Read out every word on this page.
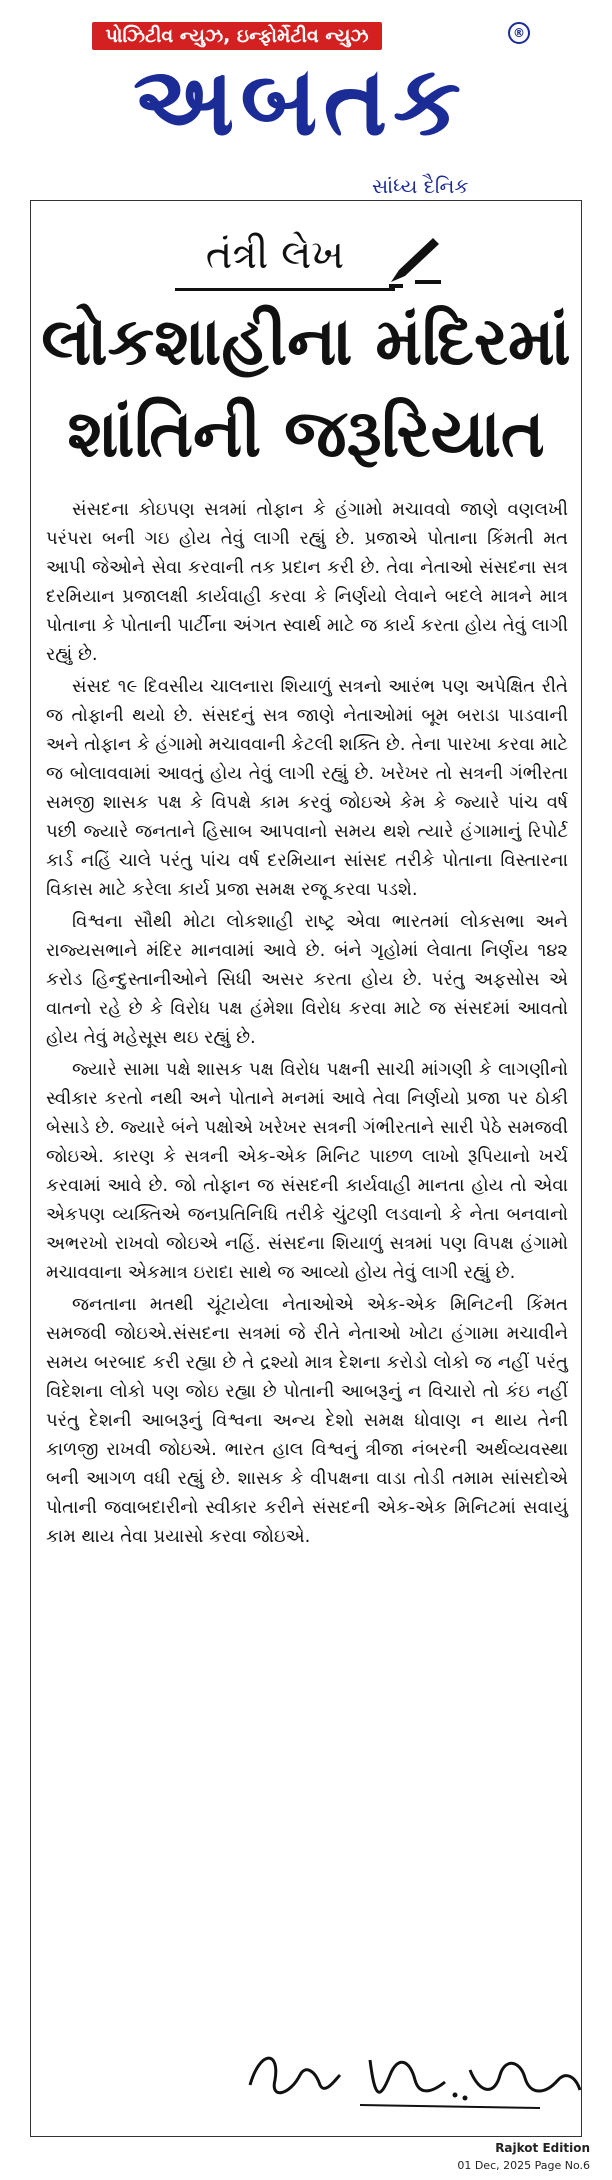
પોઝિટીવ ન્યુઝ, ઇન્ફોર્મેટીવ ન્યુઝ
અબતક
®
સાંધ્ય દૈનિક
તંત્રી લેખ
લોકશાહીના મંદિરમાં
શાંતિની જરૂરિયાત

સંસદના કોઇપણ સત્રમાં તોફાન કે હંગામો મચાવવો જાણે વણલખી પરંપરા બની ગઇ હોય તેવું લાગી રહ્યું છે. પ્રજાએ પોતાના કિંમતી મત આપી જેઓને સેવા કરવાની તક પ્રદાન કરી છે. તેવા નેતાઓ સંસદના સત્ર દરમિયાન પ્રજાલક્ષી કાર્યવાહી કરવા કે નિર્ણયો લેવાને બદલે માત્રને માત્ર પોતાના કે પોતાની પાર્ટીના અંગત સ્વાર્થ માટે જ કાર્ય કરતા હોય તેવું લાગી રહ્યું છે.

સંસદ ૧૯ દિવસીય ચાલનારા શિયાળું સત્રનો આરંભ પણ અપેક્ષિત રીતે જ તોફાની થયો છે. સંસદનું સત્ર જાણે નેતાઓમાં બૂમ બરાડા પાડવાની અને તોફાન કે હંગામો મચાવવાની કેટલી શક્તિ છે. તેના પારખા કરવા માટે જ બોલાવવામાં આવતું હોય તેવું લાગી રહ્યું છે. ખરેખર તો સત્રની ગંભીરતા સમજી શાસક પક્ષ કે વિપક્ષે કામ કરવું જોઇએ કેમ કે જ્યારે પાંચ વર્ષ પછી જ્યારે જનતાને હિસાબ આપવાનો સમય થશે ત્યારે હંગામાનું રિપોર્ટ કાર્ડ નહિં ચાલે પરંતુ પાંચ વર્ષ દરમિયાન સાંસદ તરીકે પોતાના વિસ્તારના વિકાસ માટે કરેલા કાર્ય પ્રજા સમક્ષ રજૂ કરવા પડશે.

વિશ્વના સૌથી મોટા લોકશાહી રાષ્ટ્ર એવા ભારતમાં લોકસભા અને રાજ્યસભાને મંદિર માનવામાં આવે છે. બંને ગૃહોમાં લેવાતા નિર્ણય ૧૪૨ કરોડ હિન્દુસ્તાનીઓને સિધી અસર કરતા હોય છે. પરંતુ અફસોસ એ વાતનો રહે છે કે વિરોધ પક્ષ હંમેશા વિરોધ કરવા માટે જ સંસદમાં આવતો હોય તેવું મહેસૂસ થઇ રહ્યું છે.

જ્યારે સામા પક્ષે શાસક પક્ષ વિરોધ પક્ષની સાચી માંગણી કે લાગણીનો સ્વીકાર કરતો નથી અને પોતાને મનમાં આવે તેવા નિર્ણયો પ્રજા પર ઠોકી બેસાડે છે. જ્યારે બંને પક્ષોએ ખરેખર સત્રની ગંભીરતાને સારી પેઠે સમજવી જોઇએ. કારણ કે સત્રની એક-એક મિનિટ પાછળ લાખો રૂપિયાનો ખર્ચ કરવામાં આવે છે. જો તોફાન જ સંસદની કાર્યવાહી માનતા હોય તો એવા એકપણ વ્યક્તિએ જનપ્રતિનિધિ તરીકે ચુંટણી લડવાનો કે નેતા બનવાનો અભરખો રાખવો જોઇએ નહિં. સંસદના શિયાળું સત્રમાં પણ વિપક્ષ હંગામો મચાવવાના એકમાત્ર ઇરાદા સાથે જ આવ્યો હોય તેવું લાગી રહ્યું છે.

જનતાના મતથી ચૂંટાયેલા નેતાઓએ એક-એક મિનિટની કિંમત સમજવી જોઇએ.સંસદના સત્રમાં જે રીતે નેતાઓ ખોટા હંગામા મચાવીને સમય બરબાદ કરી રહ્યા છે તે દ્રશ્યો માત્ર દેશના કરોડો લોકો જ નહીં પરંતુ વિદેશના લોકો પણ જોઇ રહ્યા છે પોતાની આબરૂનું ન વિચારો તો કંઇ નહીં પરંતુ દેશની આબરૂનું વિશ્વના અન્ય દેશો સમક્ષ ધોવાણ ન થાય તેની કાળજી રાખવી જોઇએ. ભારત હાલ વિશ્વનું ત્રીજા નંબરની અર્થવ્યવસ્થા બની આગળ વધી રહ્યું છે. શાસક કે વીપક્ષના વાડા તોડી તમામ સાંસદોએ પોતાની જવાબદારીનો સ્વીકાર કરીને સંસદની એક-એક મિનિટમાં સવાયું કામ થાય તેવા પ્રયાસો કરવા જોઇએ.

Rajkot Edition
01 Dec, 2025 Page No.6
